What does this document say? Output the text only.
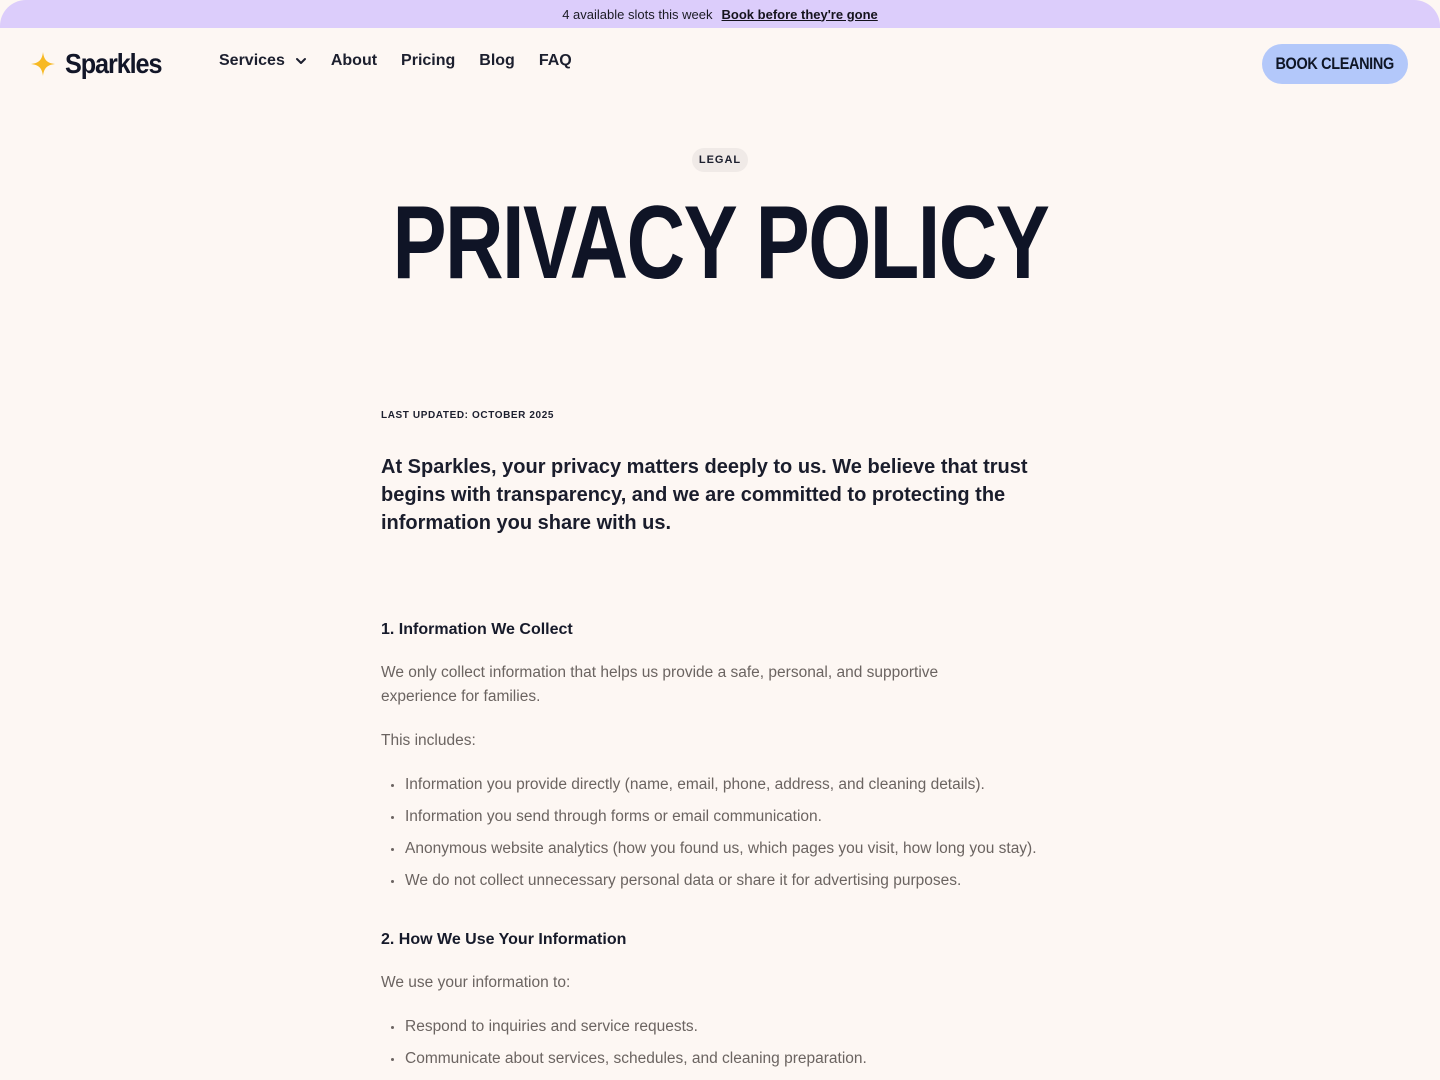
4 available slots this week Book before they're gone
Sparkles	Services	About Pricing Blog FAQ	BOOK CLEANING
LEGAL
PRIVACY POLICY
LAST UPDATED: OCTOBER 2025

At Sparkles, your privacy matters deeply to us. We believe that trust begins with transparency, and we are committed to protecting the information you share with us.

1. Information We Collect

We only collect information that helps us provide a safe, personal, and supportive experience for families.

This includes:

Information you provide directly (name, email, phone, address, and cleaning details).
Information you send through forms or email communication.
Anonymous website analytics (how you found us, which pages you visit, how long you stay).
We do not collect unnecessary personal data or share it for advertising purposes.
2. How We Use Your Information

We use your information to:

Respond to inquiries and service requests.
Communicate about services, schedules, and cleaning preparation.
